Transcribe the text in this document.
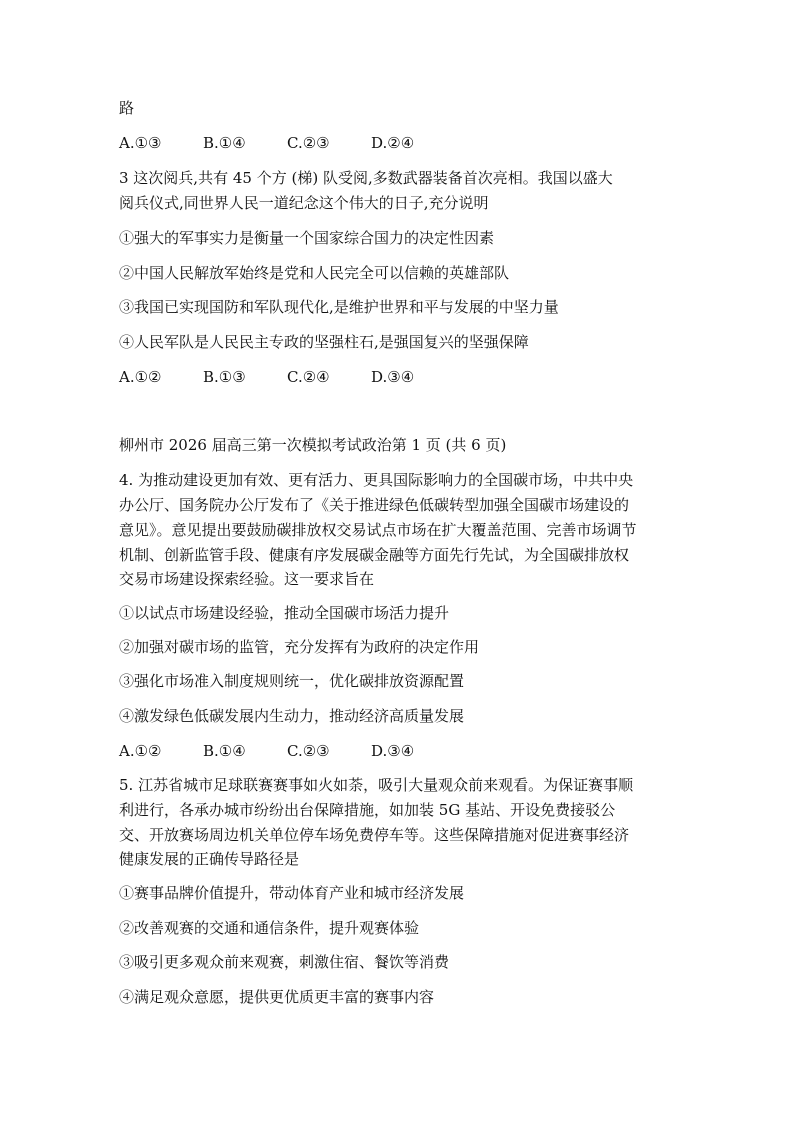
路
A.①③	B.①④	C.②③	D.②④
3 这次阅兵,共有 45 个方 (梯) 队受阅,多数武器装备首次亮相。我国以盛大
阅兵仪式,同世界人民一道纪念这个伟大的日子,充分说明
①强大的军事实力是衡量一个国家综合国力的决定性因素
②中国人民解放军始终是党和人民完全可以信赖的英雄部队
③我国已实现国防和军队现代化,是维护世界和平与发展的中坚力量
④人民军队是人民民主专政的坚强柱石,是强国复兴的坚强保障
A.①②	B.①③	C.②④	D.③④
柳州市 2026 届高三第一次模拟考试政治第 1 页 (共 6 页)
4. 为推动建设更加有效、更有活力、更具国际影响力的全国碳市场，中共中央
办公厅、国务院办公厅发布了《关于推进绿色低碳转型加强全国碳市场建设的
意见》。意见提出要鼓励碳排放权交易试点市场在扩大覆盖范围、完善市场调节
机制、创新监管手段、健康有序发展碳金融等方面先行先试，为全国碳排放权
交易市场建设探索经验。这一要求旨在
①以试点市场建设经验，推动全国碳市场活力提升
②加强对碳市场的监管，充分发挥有为政府的决定作用
③强化市场准入制度规则统一，优化碳排放资源配置
④激发绿色低碳发展内生动力，推动经济高质量发展
A.①②	B.①④	C.②③	D.③④
5. 江苏省城市足球联赛赛事如火如荼，吸引大量观众前来观看。为保证赛事顺
利进行，各承办城市纷纷出台保障措施，如加装 5G 基站、开设免费接驳公
交、开放赛场周边机关单位停车场免费停车等。这些保障措施对促进赛事经济
健康发展的正确传导路径是
①赛事品牌价值提升，带动体育产业和城市经济发展
②改善观赛的交通和通信条件，提升观赛体验
③吸引更多观众前来观赛，刺激住宿、餐饮等消费
④满足观众意愿，提供更优质更丰富的赛事内容
